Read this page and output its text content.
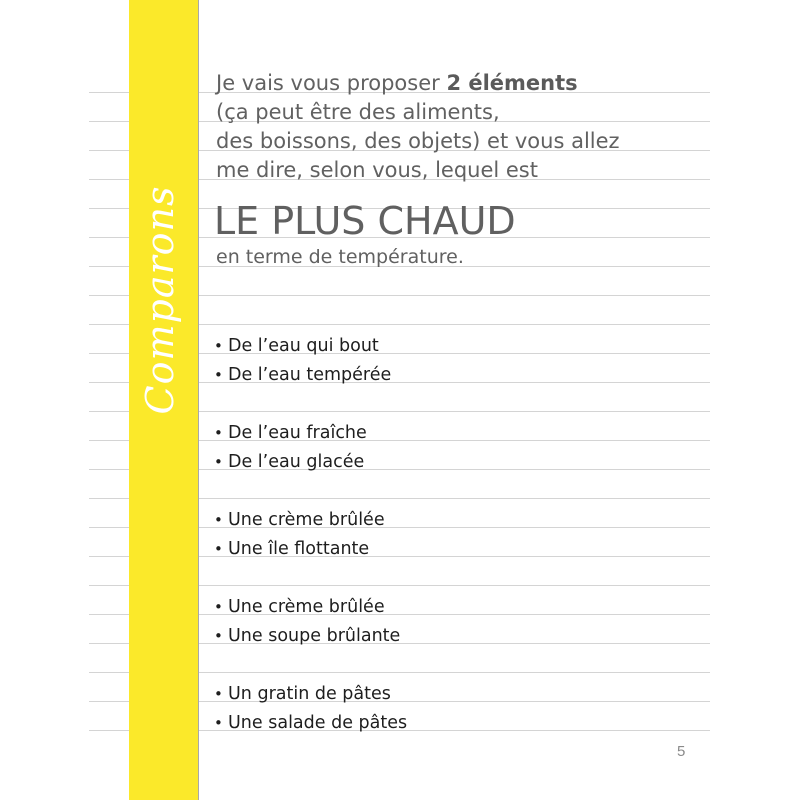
Comparons
Je vais vous proposer 2 éléments
(ça peut être des aliments,
des boissons, des objets) et vous allez
me dire, selon vous, lequel est
LE PLUS CHAUD
en terme de température.
• De l’eau qui bout
• De l’eau tempérée
• De l’eau fraîche
• De l’eau glacée
• Une crème brûlée
• Une île flottante
• Une crème brûlée
• Une soupe brûlante
• Un gratin de pâtes
• Une salade de pâtes
5
